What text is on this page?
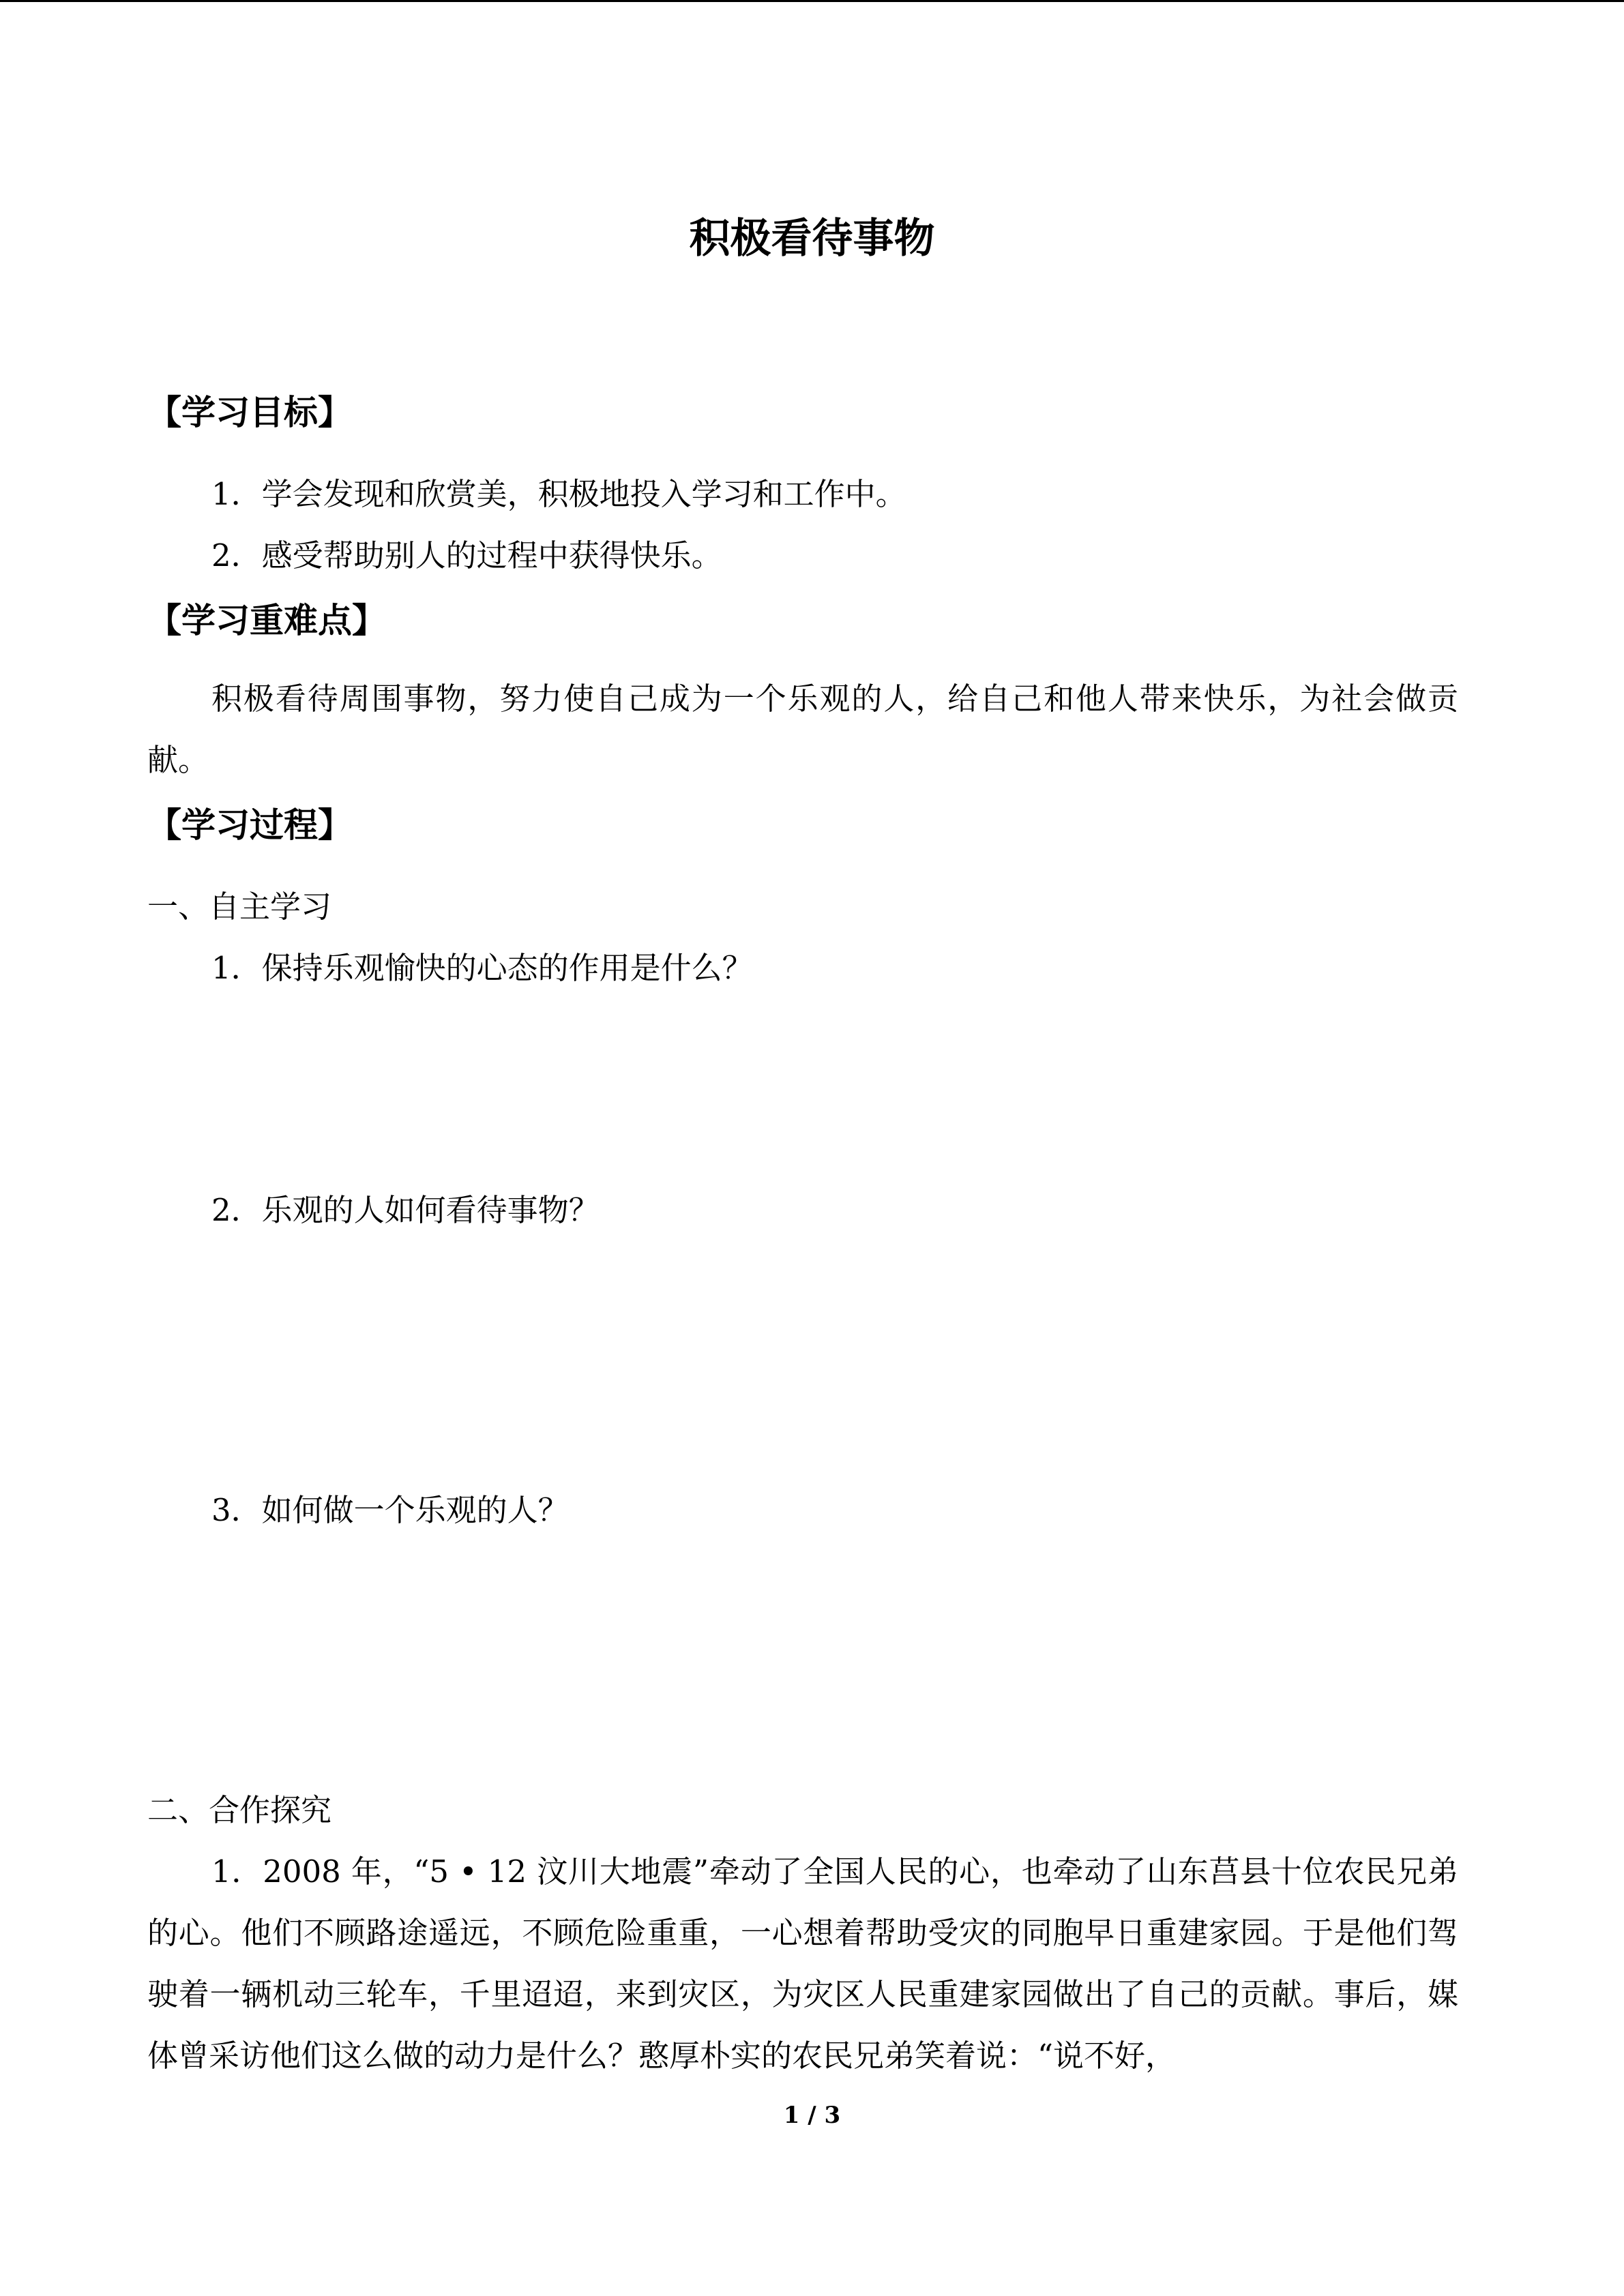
积极看待事物
【学习目标】
1．学会发现和欣赏美，积极地投入学习和工作中。
2．感受帮助别人的过程中获得快乐。
【学习重难点】
积极看待周围事物，努力使自己成为一个乐观的人，给自己和他人带来快乐，为社会做贡献。
【学习过程】
一、自主学习
1．保持乐观愉快的心态的作用是什么？
2．乐观的人如何看待事物？
3．如何做一个乐观的人？
二、合作探究
1．2008 年，“5 • 12 汶川大地震”牵动了全国人民的心，也牵动了山东莒县十位农民兄弟的心。他们不顾路途遥远，不顾危险重重，一心想着帮助受灾的同胞早日重建家园。于是他们驾驶着一辆机动三轮车，千里迢迢，来到灾区，为灾区人民重建家园做出了自己的贡献。事后，媒体曾采访他们这么做的动力是什么？憨厚朴实的农民兄弟笑着说：“说不好，
1 / 3
